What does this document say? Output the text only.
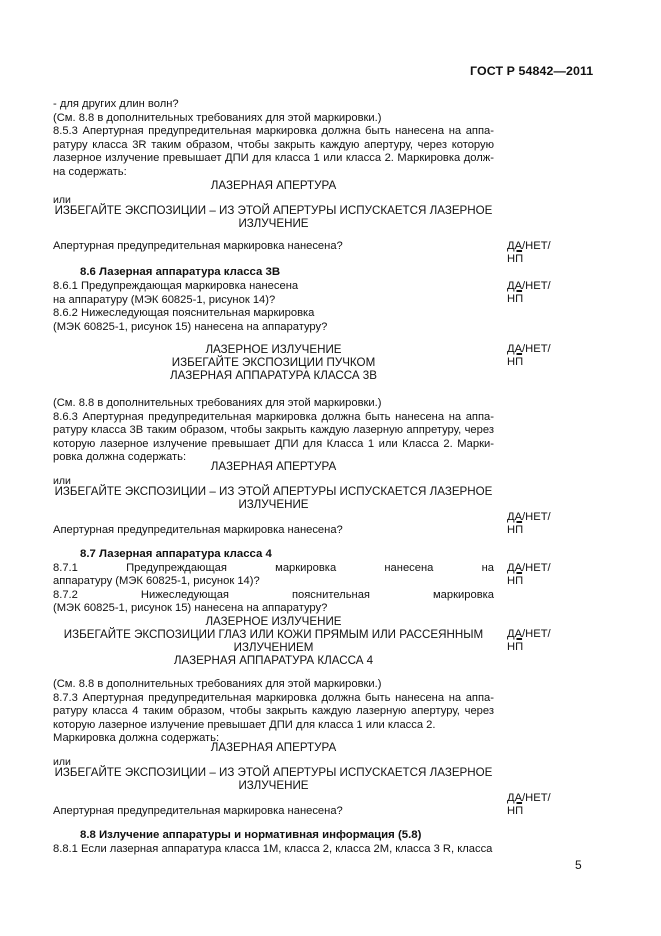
ГОСТ Р 54842—2011
- для других длин волн?
(См. 8.8 в дополнительных требованиях для этой маркировки.)
8.5.3 Апертурная предупредительная маркировка должна быть нанесена на аппа-
ратуру класса 3R таким образом, чтобы закрыть каждую апертуру, через которую
лазерное излучение превышает ДПИ для класса 1 или класса 2. Маркировка долж-
на содержать:
ЛАЗЕРНАЯ АПЕРТУРА
или
ИЗБЕГАЙТЕ ЭКСПОЗИЦИИ – ИЗ ЭТОЙ АПЕРТУРЫ ИСПУСКАЕТСЯ ЛАЗЕРНОЕ
ИЗЛУЧЕНИЕ
Апертурная предупредительная маркировка нанесена?	ДА/НЕТ/
НП
8.6 Лазерная аппаратура класса 3В
8.6.1 Предупреждающая маркировка нанесена
на аппаратуру (МЭК 60825-1, рисунок 14)?
ДА/НЕТ/
НП
8.6.2 Нижеследующая пояснительная маркировка
(МЭК 60825-1, рисунок 15) нанесена на аппаратуру?
ЛАЗЕРНОЕ ИЗЛУЧЕНИЕ
ИЗБЕГАЙТЕ ЭКСПОЗИЦИИ ПУЧКОМ
ЛАЗЕРНАЯ АППАРАТУРА КЛАССА 3В
ДА/НЕТ/
НП
(См. 8.8 в дополнительных требованиях для этой маркировки.)
8.6.3 Апертурная предупредительная маркировка должна быть нанесена на аппа-
ратуру класса 3В таким образом, чтобы закрыть каждую лазерную аппретуру, через
которую лазерное излучение превышает ДПИ для Класса 1 или Класса 2. Марки-
ровка должна содержать:
ЛАЗЕРНАЯ АПЕРТУРА
или
ИЗБЕГАЙТЕ ЭКСПОЗИЦИИ – ИЗ ЭТОЙ АПЕРТУРЫ ИСПУСКАЕТСЯ ЛАЗЕРНОЕ
ИЗЛУЧЕНИЕ
ДА/НЕТ/
НП
Апертурная предупредительная маркировка нанесена?
8.7 Лазерная аппаратура класса 4
8.7.1 Предупреждающая маркировка нанесена на
аппаратуру (МЭК 60825-1, рисунок 14)?
ДА/НЕТ/
НП
8.7.2 Нижеследующая пояснительная маркировка
(МЭК 60825-1, рисунок 15) нанесена на аппаратуру?
ЛАЗЕРНОЕ ИЗЛУЧЕНИЕ
ИЗБЕГАЙТЕ ЭКСПОЗИЦИИ ГЛАЗ ИЛИ КОЖИ ПРЯМЫМ ИЛИ РАССЕЯННЫМ
ИЗЛУЧЕНИЕМ
ЛАЗЕРНАЯ АППАРАТУРА КЛАССА 4
ДА/НЕТ/
НП
(См. 8.8 в дополнительных требованиях для этой маркировки.)
8.7.3 Апертурная предупредительная маркировка должна быть нанесена на аппа-
ратуру класса 4 таким образом, чтобы закрыть каждую лазерную апертуру, через
которую лазерное излучение превышает ДПИ для класса 1 или класса 2.
Маркировка должна содержать:
ЛАЗЕРНАЯ АПЕРТУРА
или
ИЗБЕГАЙТЕ ЭКСПОЗИЦИИ – ИЗ ЭТОЙ АПЕРТУРЫ ИСПУСКАЕТСЯ ЛАЗЕРНОЕ
ИЗЛУЧЕНИЕ
ДА/НЕТ/
НП
Апертурная предупредительная маркировка нанесена?
8.8 Излучение аппаратуры и нормативная информация (5.8)
8.8.1 Если лазерная аппаратура класса 1М, класса 2, класса 2М, класса 3 R, класса
5
